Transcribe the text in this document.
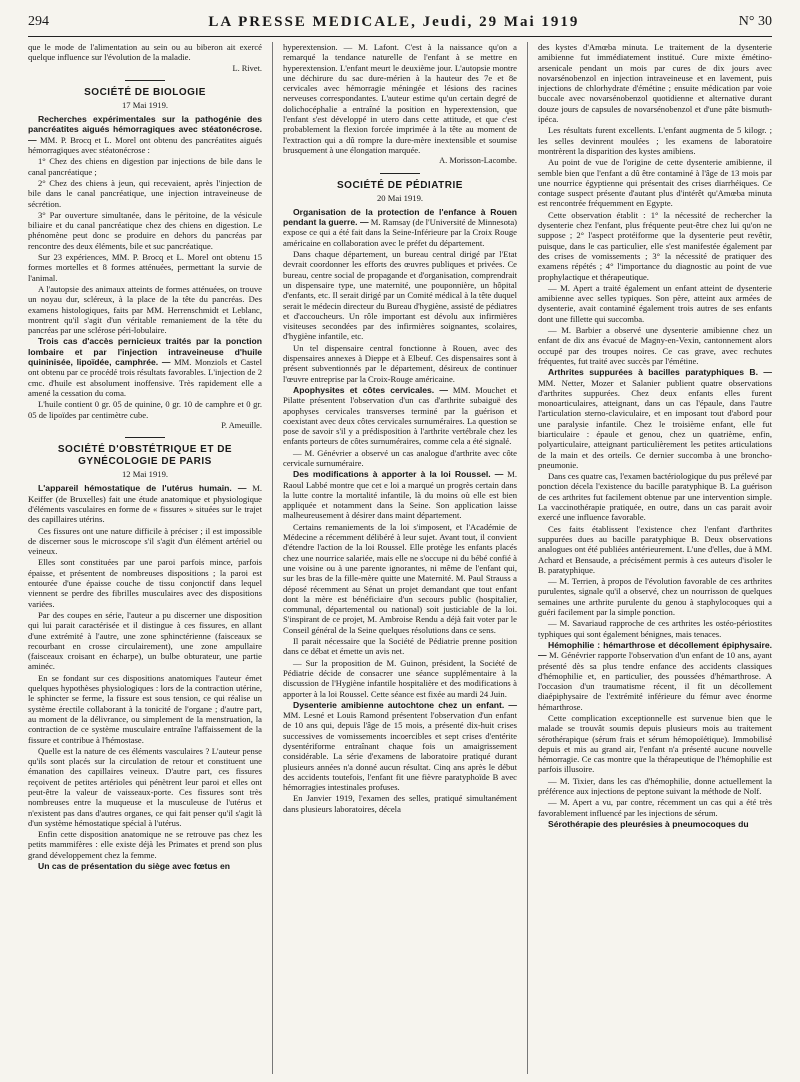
294	LA PRESSE MEDICALE, Jeudi, 29 Mai 1919	N° 30

que le mode de l'alimentation au sein ou au biberon ait exercé quelque influence sur l'évolution de la maladie.

L. Rivet.
SOCIÉTÉ DE BIOLOGIE
17 Mai 1919.

Recherches expérimentales sur la pathogénie des pancréatites aigués hémorragiques avec stéatonécrose. — MM. P. Brocq et L. Morel ont obtenu des pancréatites aigués hémorragiques avec stéatonécrose :

1° Chez des chiens en digestion par injections de bile dans le canal pancréatique ;

2° Chez des chiens à jeun, qui recevaient, après l'injection de bile dans le canal pancréatique, une injection intraveineuse de sécrétion.

3° Par ouverture simultanée, dans le péritoine, de la vésicule biliaire et du canal pancréatique chez des chiens en digestion. Le phénomène peut donc se produire en dehors du pancréas par rencontre des deux éléments, bile et suc pancréatique.

Sur 23 expériences, MM. P. Brocq et L. Morel ont obtenu 15 formes mortelles et 8 formes atténuées, permettant la survie de l'animal.

A l'autopsie des animaux atteints de formes atténuées, on trouve un noyau dur, scléreux, à la place de la tête du pancréas. Des examens histologiques, faits par MM. Herrenschmidt et Leblanc, montrent qu'il s'agit d'un véritable remaniement de la tête du pancréas par une sclérose péri-lobulaire.

Trois cas d'accès pernicieux traités par la ponction lombaire et par l'injection intraveineuse d'huile quininisée, lipoïdée, camphrée. — MM. Monziols et Castel ont obtenu par ce procédé trois résultats favorables. L'injection de 2 cmc. d'huile est absolument inoffensive. Très rapidement elle a amené la cessation du coma.

L'huile contient 0 gr. 05 de quinine, 0 gr. 10 de camphre et 0 gr. 05 de lipoïdes par centimètre cube.

P. Ameuille.
SOCIÉTÉ D'OBSTÉTRIQUE ET DE GYNÉCOLOGIE DE PARIS
12 Mai 1919.

L'appareil hémostatique de l'utérus humain. — M. Keiffer (de Bruxelles) fait une étude anatomique et physiologique d'éléments vasculaires en forme de « fissures » situées sur le trajet des capillaires utérins.

Ces fissures ont une nature difficile à préciser ; il est impossible de discerner sous le microscope s'il s'agit d'un élément artériel ou veineux.

Elles sont constituées par une paroi parfois mince, parfois épaisse, et présentent de nombreuses dispositions ; la paroi est entourée d'une épaisse couche de tissu conjonctif dans lequel viennent se perdre des fibrilles musculaires avec des dispositions variées.

Par des coupes en série, l'auteur a pu discerner une disposition qui lui parait caractérisée et il distingue à ces fissures, en allant d'une extrémité à l'autre, une zone sphinctérienne (faisceaux se recourbant en crosse circulairement), une zone ampullaire (faisceaux croisant en écharpe), un bulbe obturateur, une partie aminéc.

En se fondant sur ces dispositions anatomiques l'auteur émet quelques hypothèses physiologiques : lors de la contraction utérine, le sphincter se ferme, la fissure est sous tension, ce qui réalise un système érectile collaborant à la tonicité de l'organe ; d'autre part, au moment de la délivrance, ou simplement de la menstruation, la contraction de ce système musculaire entraîne l'affaissement de la fissure et contribue à l'hémostase.

Quelle est la nature de ces éléments vasculaires ? L'auteur pense qu'ils sont placés sur la circulation de retour et constituent une émanation des capillaires veineux. D'autre part, ces fissures reçoivent de petites artérioles qui pénètrent leur paroi et elles ont peut-être la valeur de vaisseaux-porte. Ces fissures sont très nombreuses entre la muqueuse et la musculeuse de l'utérus et n'existent pas dans d'autres organes, ce qui fait penser qu'il s'agit là d'un système hémostatique spécial à l'utérus.

Enfin cette disposition anatomique ne se retrouve pas chez les petits mammifères : elle existe déjà les Primates et prend son plus grand développement chez la femme.

Un cas de présentation du siège avec fœtus en

hyperextension. — M. Lafont. C'est à la naissance qu'on a remarqué la tendance naturelle de l'enfant à se mettre en hyperextension. L'enfant meurt le deuxième jour. L'autopsie montre une déchirure du sac dure-mérien à la hauteur des 7e et 8e cervicales avec hémorragie méningée et lésions des racines nerveuses correspondantes. L'auteur estime qu'un certain degré de dolichocéphalie a entraîné la position en hyperextension, que l'enfant s'est développé in utero dans cette attitude, et que c'est probablement la flexion forcée imprimée à la tête au moment de l'extraction qui a dû rompre la dure-mère inextensible et soumise brusquement à une élongation marquée.

A. Morisson-Lacombe.
SOCIÉTÉ DE PÉDIATRIE
20 Mai 1919.

Organisation de la protection de l'enfance à Rouen pendant la guerre. — M. Ramsay (de l'Université de Minnesota) expose ce qui a été fait dans la Seine-Inférieure par la Croix Rouge américaine en collaboration avec le préfet du département.

Dans chaque département, un bureau central dirigé par l'Etat devrait coordonner les efforts des œuvres publiques et privées. Ce bureau, centre social de propagande et d'organisation, comprendrait un dispensaire type, une maternité, une pouponnière, un hôpital d'enfants, etc. Il serait dirigé par un Comité médical à la tête duquel serait le médecin directeur du Bureau d'hygiène, assisté de pédiatres et d'accoucheurs. Un rôle important est dévolu aux infirmières visiteuses secondées par des infirmières soignantes, scolaires, d'hygiène infantile, etc.

Un tel dispensaire central fonctionne à Rouen, avec des dispensaires annexes à Dieppe et à Elbeuf. Ces dispensaires sont à présent subventionnés par le département, désireux de continuer l'œuvre entreprise par la Croix-Rouge américaine.

Apophysites et côtes cervicales. — MM. Mouchet et Pilatte présentent l'observation d'un cas d'arthrite subaiguë des apophyses cervicales transverses terminé par la guérison et coexistant avec deux côtes cervicales surnuméraires. La question se pose de savoir s'il y a prédisposition à l'arthrite vertébrale chez les enfants porteurs de côtes surnuméraires, comme cela a été signalé.

— M. Génévrier a observé un cas analogue d'arthrite avec côte cervicale surnuméraire.

Des modifications à apporter à la loi Roussel. — M. Raoul Labbé montre que cet e loi a marqué un progrès certain dans la lutte contre la mortalité infantile, là du moins où elle est bien appliquée et notamment dans la Seine. Son application laisse malheureusement à désirer dans maint département.

Certains remaniements de la loi s'imposent, et l'Académie de Médecine a récemment délibéré à leur sujet. Avant tout, il convient d'étendre l'action de la loi Roussel. Elle protège les enfants placés chez une nourrice salariée, mais elle ne s'occupe ni du bébé confié à une voisine ou à une parente ignorantes, ni même de l'enfant qui, sur les bras de la fille-mère quitte une Maternité. M. Paul Strauss a déposé récemment au Sénat un projet demandant que tout enfant dont la mère est bénéficiaire d'un secours public (hospitalier, communal, départemental ou national) soit justiciable de la loi. S'inspirant de ce projet, M. Ambroise Rendu a déjà fait voter par le Conseil général de la Seine quelques résolutions dans ce sens.

Il parait nécessaire que la Société de Pédiatrie prenne position dans ce débat et émette un avis net.

— Sur la proposition de M. Guinon, président, la Société de Pédiatrie décide de consacrer une séance supplémentaire à la discussion de l'Hygiène infantile hospitalière et des modifications à apporter à la loi Roussel. Cette séance est fixée au mardi 24 Juin.

Dysenterie amibienne autochtone chez un enfant. — MM. Lesné et Louis Ramond présentent l'observation d'un enfant de 10 ans qui, depuis l'âge de 15 mois, a présenté dix-huit crises successives de vomissements incoercibles et sept crises d'entérite dysentériforme entraînant chaque fois un amaigrissement considérable. La série d'examens de laboratoire pratiqué durant plusieurs années n'a donné aucun résultat. Cinq ans après le début des accidents toutefois, l'enfant fit une fièvre paratyphoïde B avec hémorragies intestinales profuses.

En Janvier 1919, l'examen des selles, pratiqué simultanément dans plusieurs laboratoires, décela

des kystes d'Amœba minuta. Le traitement de la dysenterie amibienne fut immédiatement institué. Cure mixte émétino-arsenicale pendant un mois par cures de dix jours avec novarsénobenzol en injection intraveineuse et en lavement, puis injections de chlorhydrate d'émétine ; ensuite médication par voie buccale avec novarsénobenzol quotidienne et alternative durant douze jours de capsules de novarsénobenzol et d'une pâte bismuth-ipéca.

Les résultats furent excellents. L'enfant augmenta de 5 kilogr. ; les selles devinrent moulées ; les examens de laboratoire montrèrent la disparition des kystes amibiens.

Au point de vue de l'origine de cette dysenterie amibienne, il semble bien que l'enfant a dû être contaminé à l'âge de 13 mois par une nourrice égyptienne qui présentait des crises diarrhéiques. Ce contage suspect présente d'autant plus d'intérêt qu'Amœba minuta est rencontrée fréquemment en Egypte.

Cette observation établit : 1° la nécessité de rechercher la dysenterie chez l'enfant, plus fréquente peut-être chez lui qu'on ne suppose ; 2° l'aspect protéiforme que la dysenterie peut revêtir, puisque, dans le cas particulier, elle s'est manifestée également par des crises de vomissements ; 3° la nécessité de pratiquer des examens répétés ; 4° l'importance du diagnostic au point de vue prophylactique et thérapeutique.

— M. Apert a traité également un enfant atteint de dysenterie amibienne avec selles typiques. Son père, atteint aux armées de dysenterie, avait contaminé également trois autres de ses enfants dont une fillette qui succomba.

— M. Barbier a observé une dysenterie amibienne chez un enfant de dix ans évacué de Magny-en-Vexin, cantonnement alors occupé par des troupes noires. Ce cas grave, avec rechutes fréquentes, fut traité avec succès par l'émétine.

Arthrites suppurées à bacilles paratyphiques B. — MM. Netter, Mozer et Salanier publient quatre observations d'arthrites suppurées. Chez deux enfants elles furent monoarticulaires, atteignant, dans un cas l'épaule, dans l'autre l'articulation sterno-claviculaire, et en imposant tout d'abord pour une paralysie infantile. Chez le troisième enfant, elle fut biarticulaire : épaule et genou, chez un quatrième, enfin, polyarticulaire, atteignant particulièrement les petites articulations de la main et des orteils. Ce dernier succomba à une broncho-pneumonie.

Dans ces quatre cas, l'examen bactériologique du pus prélevé par ponction décela l'existence du bacille paratyphique B. La guérison de ces arthrites fut facilement obtenue par une intervention simple. La vaccinothérapie pratiquée, en outre, dans un cas parait avoir exercé une influence favorable.

Ces faits établissent l'existence chez l'enfant d'arthrites suppurées dues au bacille paratyphique B. Deux observations analogues ont été publiées antérieurement. L'une d'elles, due à MM. Achard et Bensaude, a précisément permis à ces auteurs d'isoler le B. paratyphique.

— M. Terrien, à propos de l'évolution favorable de ces arthrites purulentes, signale qu'il a observé, chez un nourrisson de quelques semaines une arthrite purulente du genou à staphylocoques qui a guéri facilement par la simple ponction.

— M. Savariaud rapproche de ces arthrites les ostéo-périostites typhiques qui sont également bénignes, mais tenaces.

Hémophilie : hémarthrose et décollement épiphysaire. — M. Génévrier rapporte l'observation d'un enfant de 10 ans, ayant présenté dès sa plus tendre enfance des accidents classiques d'hémophilie et, en particulier, des poussées d'hémarthrose. A l'occasion d'un traumatisme récent, il fit un décollement diaépiphysaire de l'extrémité inférieure du fémur avec énorme hémarthrose.

Cette complication exceptionnelle est survenue bien que le malade se trouvât soumis depuis plusieurs mois au traitement sérothérapique (sérum frais et sérum hémopoïétique). Immobilisé depuis et mis au grand air, l'enfant n'a présenté aucune nouvelle hémorragie. Ce cas montre que la thérapeutique de l'hémophilie est parfois illusoire.

— M. Tixier, dans les cas d'hémophilie, donne actuellement la préférence aux injections de peptone suivant la méthode de Nolf.

— M. Apert a vu, par contre, récemment un cas qui a été très favorablement influencé par les injections de sérum.

Sérothérapie des pleurésies à pneumocoques du
